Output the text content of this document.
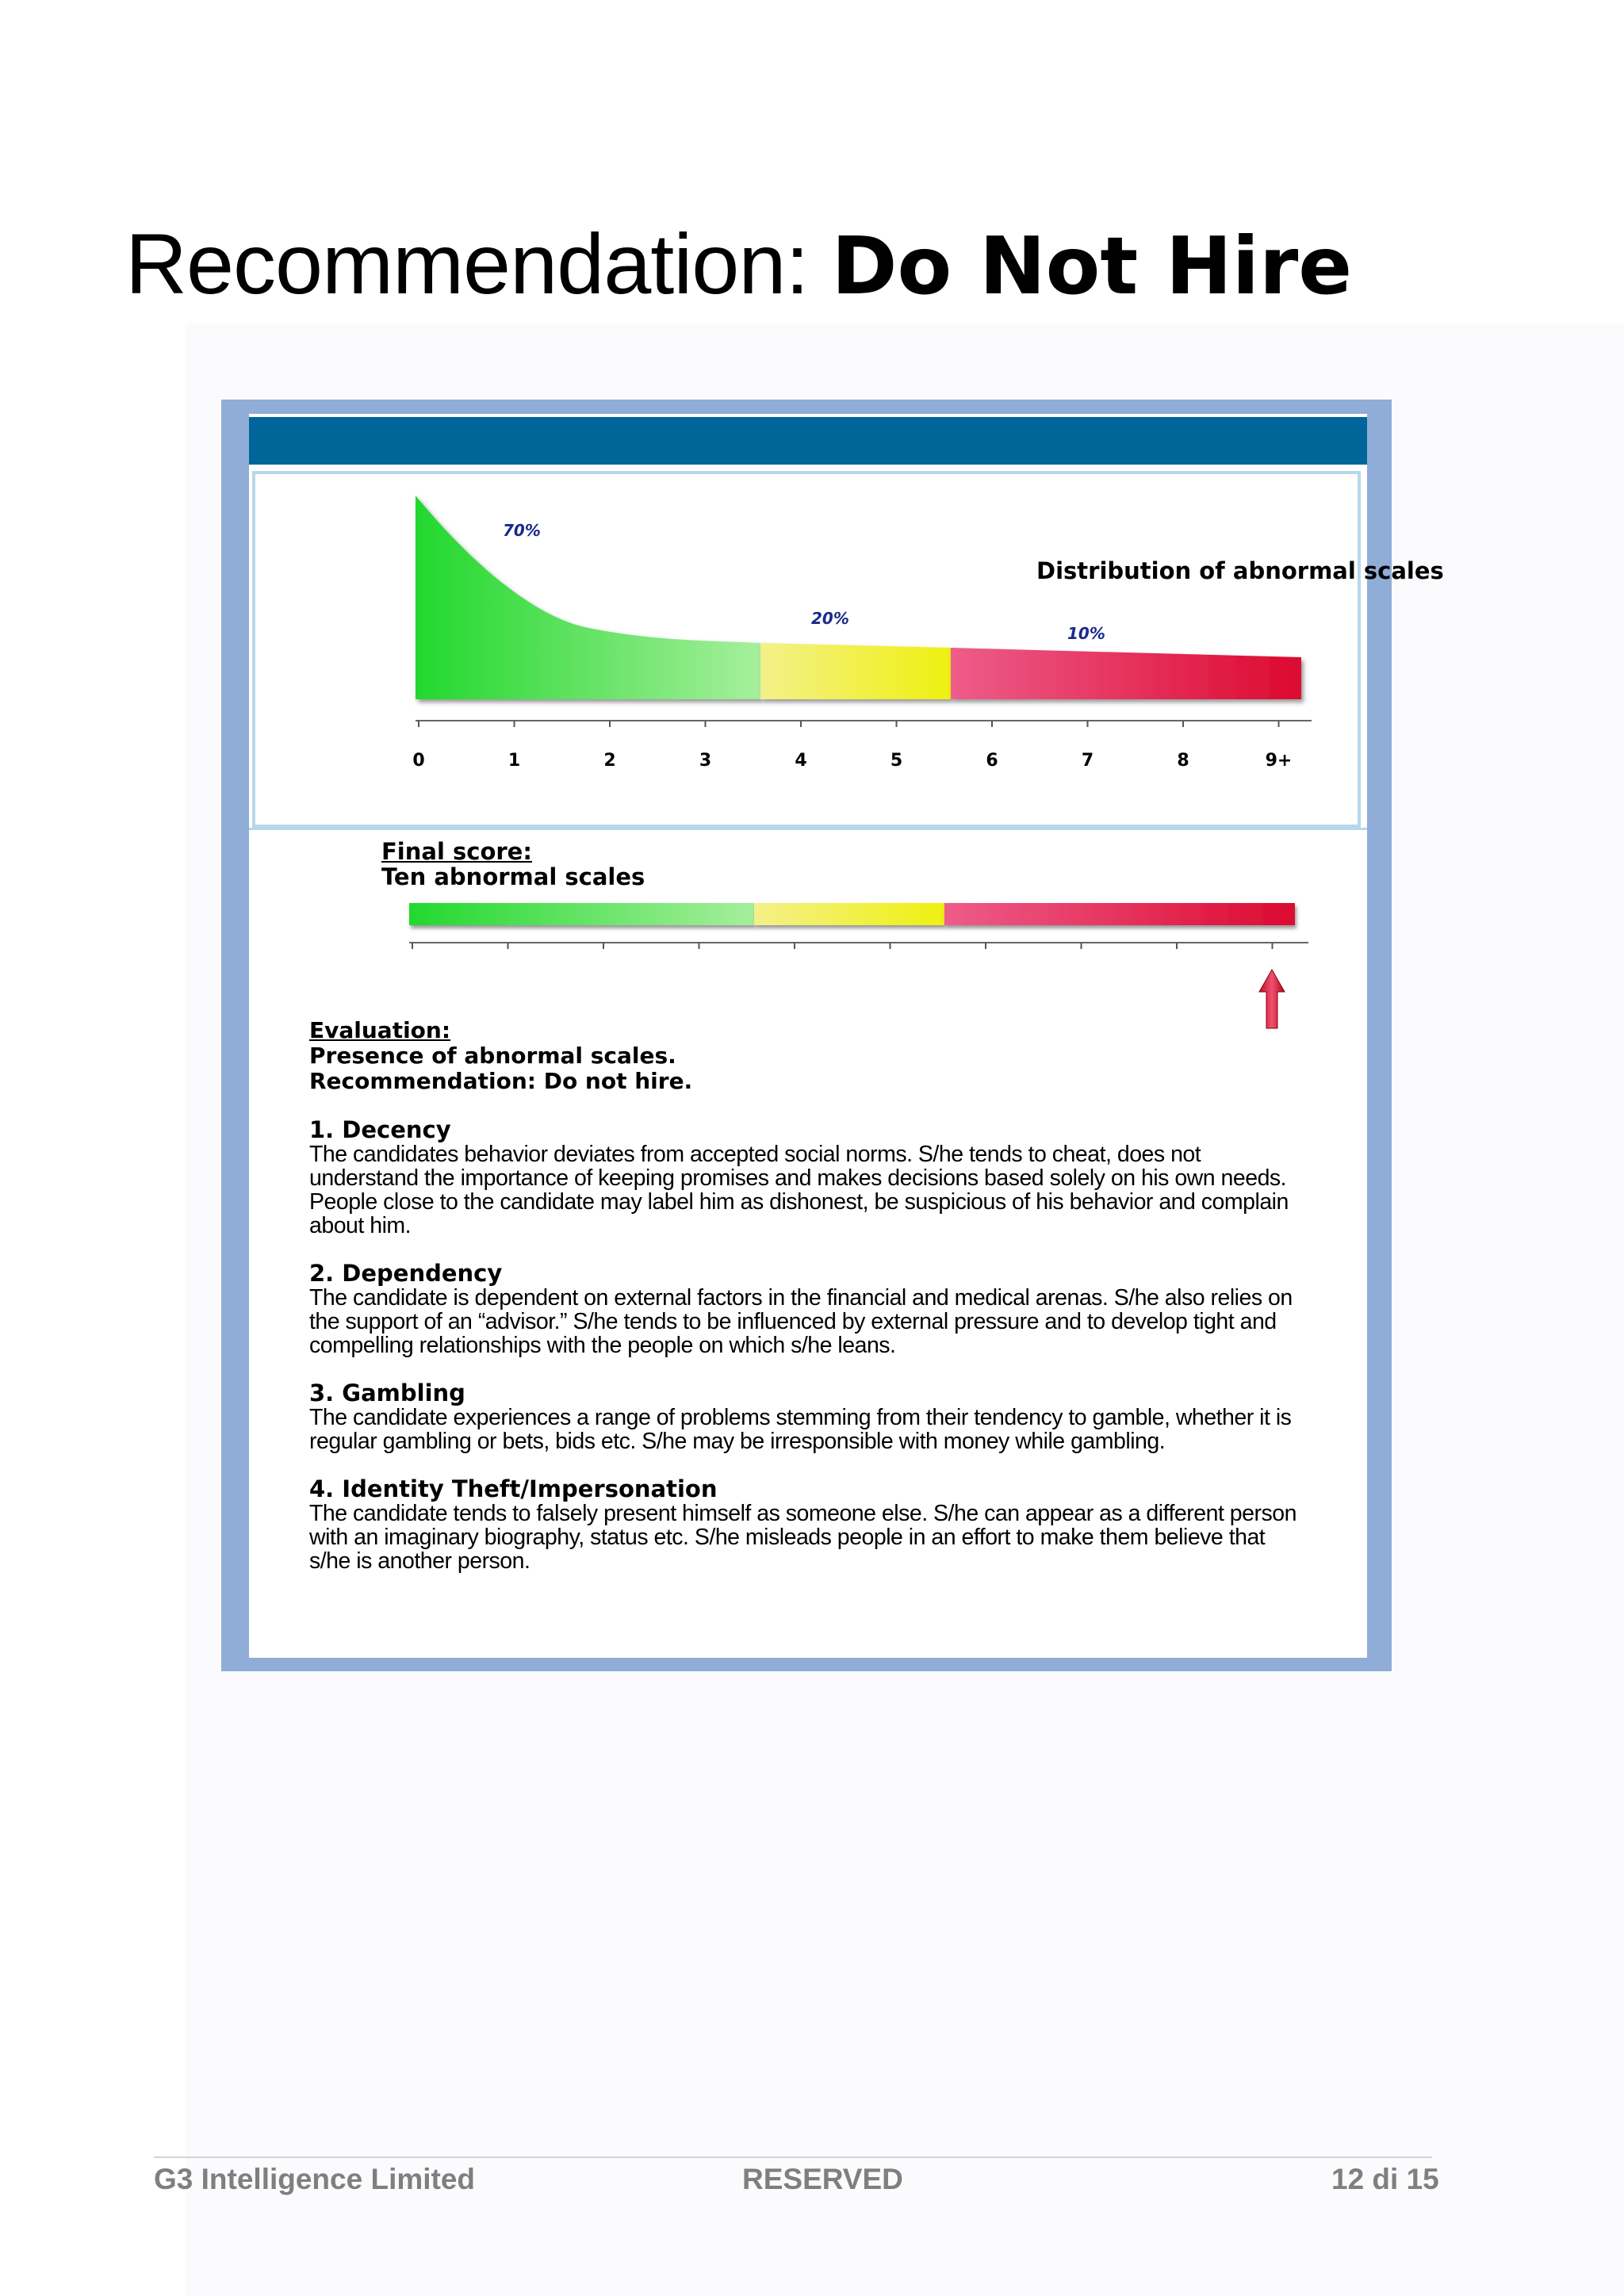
Recommendation: Do Not Hire
Distribution of abnormal scales
70%
20%
10%
0	1	2	3	4	5	6	7	8	9+
Final score:
Ten abnormal scales
Evaluation:
Presence of abnormal scales.
Recommendation: Do not hire.
1. Decency

The candidates behavior deviates from accepted social norms. S/he tends to cheat, does not understand the importance of keeping promises and makes decisions based solely on his own needs. People close to the candidate may label him as dishonest, be suspicious of his behavior and complain about him.

2. Dependency

The candidate is dependent on external factors in the financial and medical arenas. S/he also relies on the support of an “advisor.” S/he tends to be influenced by external pressure and to develop tight and compelling relationships with the people on which s/he leans.

3. Gambling

The candidate experiences a range of problems stemming from their tendency to gamble, whether it is regular gambling or bets, bids etc. S/he may be irresponsible with money while gambling.

4. Identity Theft/Impersonation

The candidate tends to falsely present himself as someone else. S/he can appear as a different person with an imaginary biography, status etc. S/he misleads people in an effort to make them believe that s/he is another person.

G3 Intelligence Limited	RESERVED	12 di 15
